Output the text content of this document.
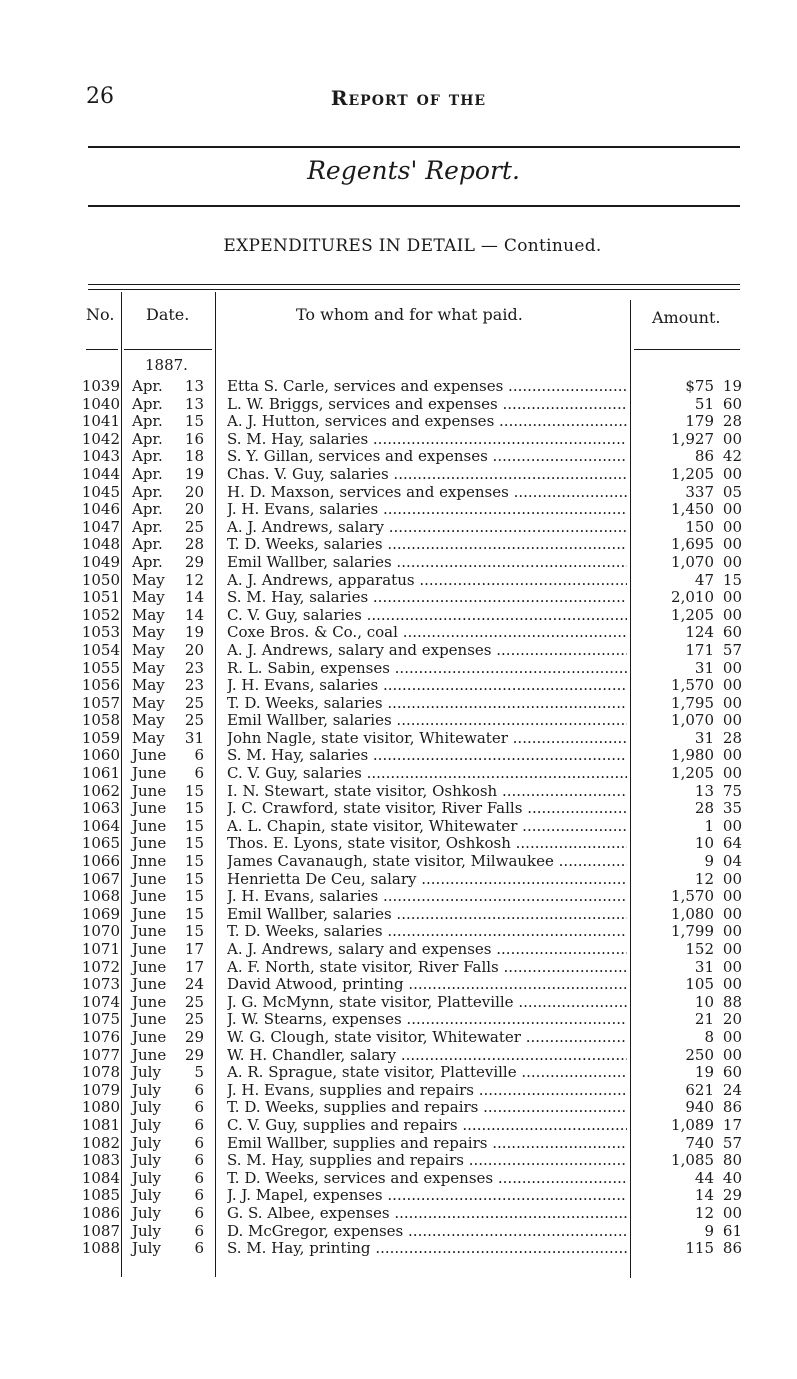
26	Report of the
Regents' Report.
EXPENDITURES IN DETAIL — Continued.
No. Date.	To whom and for what paid.	Amount.
1887.
1039 Apr.	13 Etta S. Carle, services and expenses .....	$75 19
1040 Apr.	13 L. W. Briggs, services and expenses .....	51 60
1041 Apr.	15 A. J. Hutton, services and expenses .....	179 28
1042 Apr.	16 S. M. Hay, salaries .....	1,927 00
1043 Apr.	18 S. Y. Gillan, services and expenses .....	86 42
1044 Apr.	19 Chas. V. Guy, salaries .....	1,205 00
1045 Apr.	20 H. D. Maxson, services and expenses .....	337 05
1046 Apr.	20 J. H. Evans, salaries .....	1,450 00
1047 Apr.	25 A. J. Andrews, salary .....	150 00
1048 Apr.	28 T. D. Weeks, salaries .....	1,695 00
1049 Apr.	29 Emil Wallber, salaries .....	1,070 00
1050 May	12 A. J. Andrews, apparatus .....	47 15
1051 May	14 S. M. Hay, salaries .....	2,010 00
1052 May	14 C. V. Guy, salaries .....	1,205 00
1053 May	19 Coxe Bros. & Co., coal .....	124 60
1054 May	20 A. J. Andrews, salary and expenses .....	171 57
1055 May	23 R. L. Sabin, expenses .....	31 00
1056 May	23 J. H. Evans, salaries .....	1,570 00
1057 May	25 T. D. Weeks, salaries .....	1,795 00
1058 May	25 Emil Wallber, salaries .....	1,070 00
1059 May	31 John Nagle, state visitor, Whitewater .....	31 28
1060 June	6 S. M. Hay, salaries .....	1,980 00
1061 June	6 C. V. Guy, salaries .....	1,205 00
1062 June	15 I. N. Stewart, state visitor, Oshkosh .....	13 75
1063 June	15 J. C. Crawford, state visitor, River Falls .....	28 35
1064 June	15 A. L. Chapin, state visitor, Whitewater .....	1 00
1065 June	15 Thos. E. Lyons, state visitor, Oshkosh .....	10 64
1066 Jnne	15 James Cavanaugh, state visitor, Milwaukee .....	9 04
1067 June	15 Henrietta De Ceu, salary .....	12 00
1068 June	15 J. H. Evans, salaries .....	1,570 00
1069 June	15 Emil Wallber, salaries .....	1,080 00
1070 June	15 T. D. Weeks, salaries .....	1,799 00
1071 June	17 A. J. Andrews, salary and expenses .....	152 00
1072 June	17 A. F. North, state visitor, River Falls .....	31 00
1073 June	24 David Atwood, printing .....	105 00
1074 June	25 J. G. McMynn, state visitor, Platteville .....	10 88
1075 June	25 J. W. Stearns, expenses .....	21 20
1076 June	29 W. G. Clough, state visitor, Whitewater .....	8 00
1077 June	29 W. H. Chandler, salary .....	250 00
1078 July	5 A. R. Sprague, state visitor, Platteville .....	19 60
1079 July	6 J. H. Evans, supplies and repairs .....	621 24
1080 July	6 T. D. Weeks, supplies and repairs .....	940 86
1081 July	6 C. V. Guy, supplies and repairs .....	1,089 17
1082 July	6 Emil Wallber, supplies and repairs .....	740 57
1083 July	6 S. M. Hay, supplies and repairs .....	1,085 80
1084 July	6 T. D. Weeks, services and expenses .....	44 40
1085 July	6 J. J. Mapel, expenses .....	14 29
1086 July	6 G. S. Albee, expenses .....	12 00
1087 July	6 D. McGregor, expenses .....	9 61
1088 July	6 S. M. Hay, printing .....	115 86
